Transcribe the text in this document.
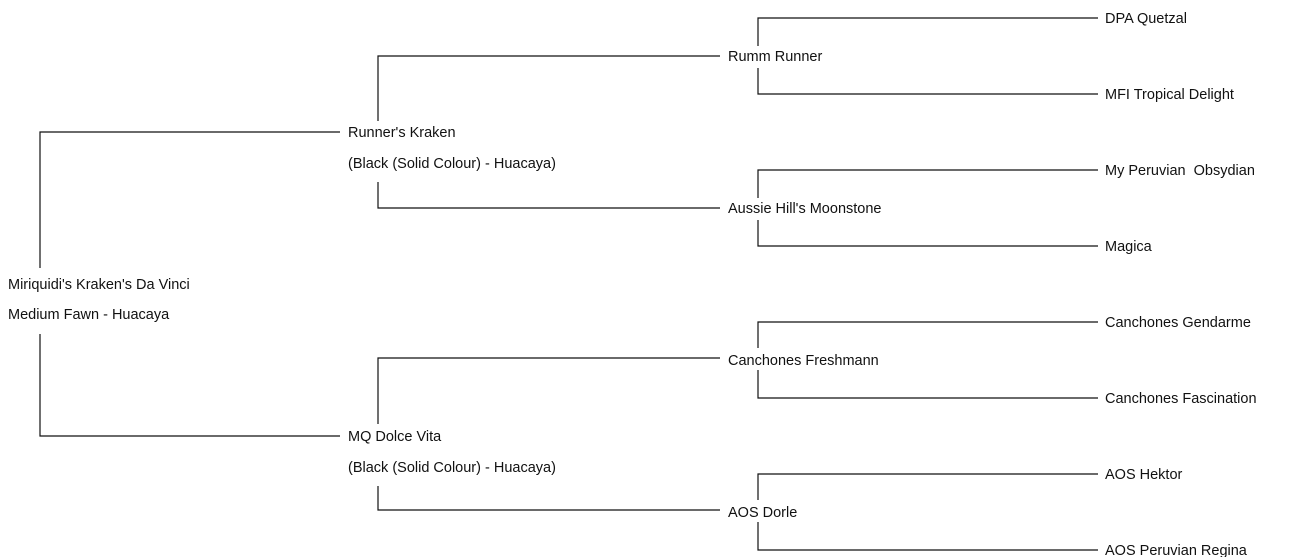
Miriquidi's Kraken's Da Vinci
Medium Fawn - Huacaya
Runner's Kraken
(Black (Solid Colour) - Huacaya)
MQ Dolce Vita
(Black (Solid Colour) - Huacaya)
Rumm Runner
Aussie Hill's Moonstone
Canchones Freshmann
AOS Dorle
DPA Quetzal
MFI Tropical Delight
My Peruvian  Obsydian
Magica
Canchones Gendarme
Canchones Fascination
AOS Hektor
AOS Peruvian Regina
